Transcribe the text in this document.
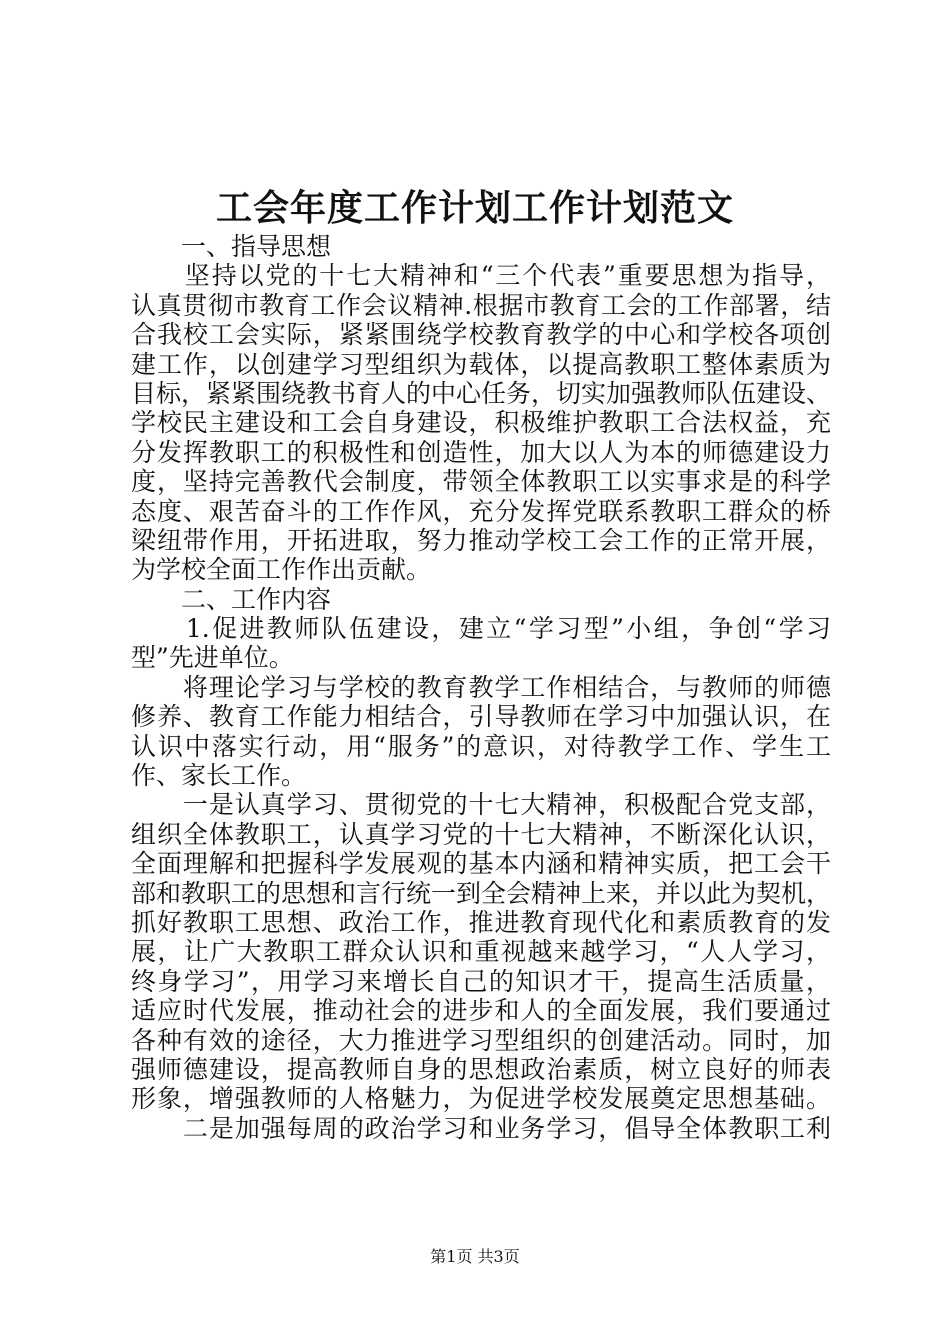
工会年度工作计划工作计划范文
　　一、指导思想
　　坚持以党的十七大精神和“三个代表”重要思想为指导，
认真贯彻市教育工作会议精神.根据市教育工会的工作部署，结
合我校工会实际，紧紧围绕学校教育教学的中心和学校各项创
建工作，以创建学习型组织为载体，以提高教职工整体素质为
目标，紧紧围绕教书育人的中心任务，切实加强教师队伍建设、
学校民主建设和工会自身建设，积极维护教职工合法权益，充
分发挥教职工的积极性和创造性，加大以人为本的师德建设力
度，坚持完善教代会制度，带领全体教职工以实事求是的科学
态度、艰苦奋斗的工作作风，充分发挥党联系教职工群众的桥
梁纽带作用，开拓进取，努力推动学校工会工作的正常开展，
为学校全面工作作出贡献。
　　二、工作内容
　　1.促进教师队伍建设，建立“学习型”小组，争创“学习
型”先进单位。
　　将理论学习与学校的教育教学工作相结合，与教师的师德
修养、教育工作能力相结合，引导教师在学习中加强认识，在
认识中落实行动，用“服务”的意识，对待教学工作、学生工
作、家长工作。
　　一是认真学习、贯彻党的十七大精神，积极配合党支部，
组织全体教职工，认真学习党的十七大精神，不断深化认识，
全面理解和把握科学发展观的基本内涵和精神实质，把工会干
部和教职工的思想和言行统一到全会精神上来，并以此为契机，
抓好教职工思想、政治工作，推进教育现代化和素质教育的发
展，让广大教职工群众认识和重视越来越学习，“人人学习，
终身学习”，用学习来增长自己的知识才干，提高生活质量，
适应时代发展，推动社会的进步和人的全面发展，我们要通过
各种有效的途径，大力推进学习型组织的创建活动。同时，加
强师德建设，提高教师自身的思想政治素质，树立良好的师表
形象，增强教师的人格魅力，为促进学校发展奠定思想基础。
　　二是加强每周的政治学习和业务学习，倡导全体教职工利
第1页 共3页
